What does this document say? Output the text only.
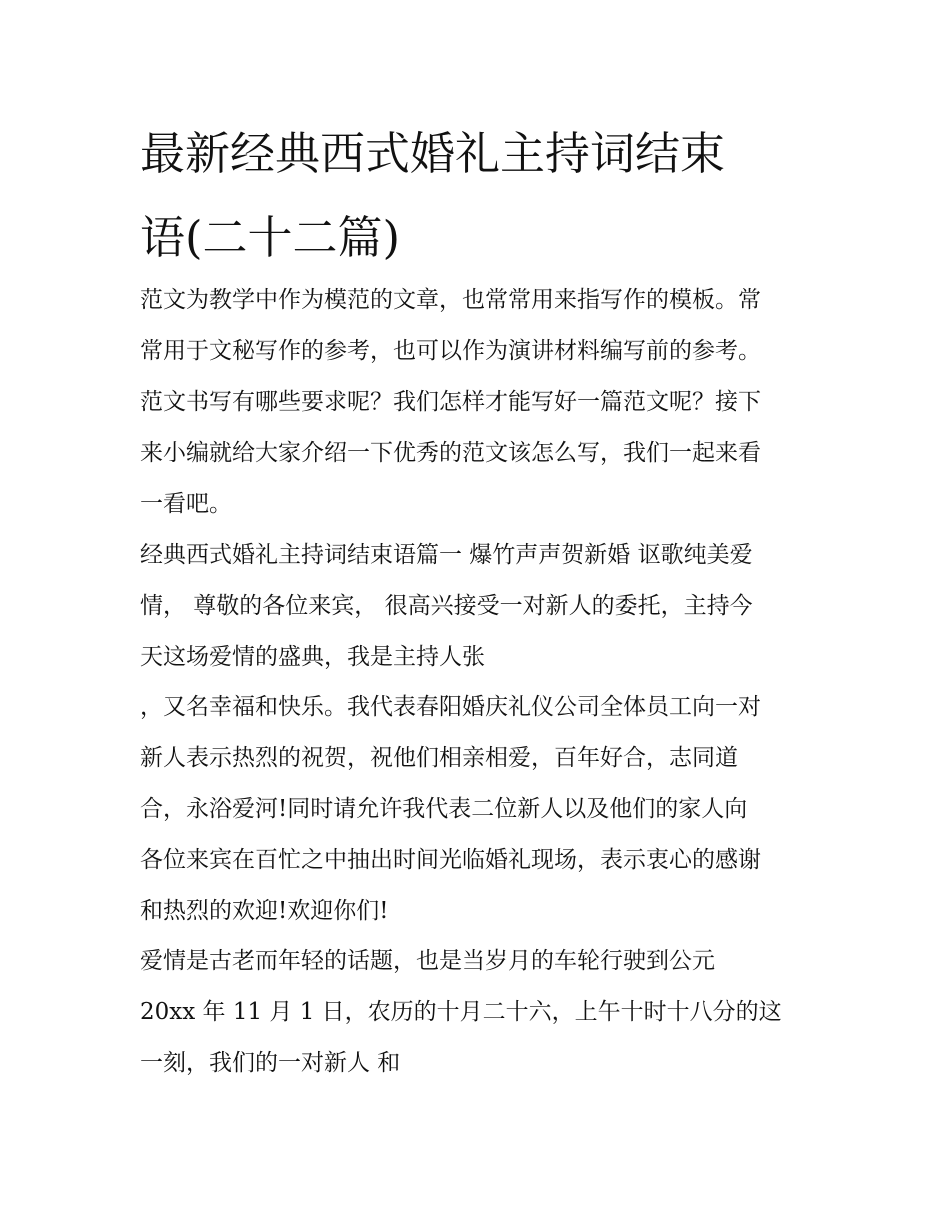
最新经典西式婚礼主持词结束
语(二十二篇)

范文为教学中作为模范的文章，也常常用来指写作的模板。常

常用于文秘写作的参考，也可以作为演讲材料编写前的参考。

范文书写有哪些要求呢？我们怎样才能写好一篇范文呢？接下

来小编就给大家介绍一下优秀的范文该怎么写，我们一起来看

一看吧。

经典西式婚礼主持词结束语篇一 爆竹声声贺新婚 讴歌纯美爱

情， 尊敬的各位来宾， 很高兴接受一对新人的委托，主持今

天这场爱情的盛典，我是主持人张

，又名幸福和快乐。我代表春阳婚庆礼仪公司全体员工向一对

新人表示热烈的祝贺，祝他们相亲相爱，百年好合，志同道

合，永浴爱河!同时请允许我代表二位新人以及他们的家人向

各位来宾在百忙之中抽出时间光临婚礼现场，表示衷心的感谢

和热烈的欢迎!欢迎你们!

爱情是古老而年轻的话题，也是当岁月的车轮行驶到公元

20xx 年 11 月 1 日，农历的十月二十六，上午十时十八分的这

一刻，我们的一对新人 和
